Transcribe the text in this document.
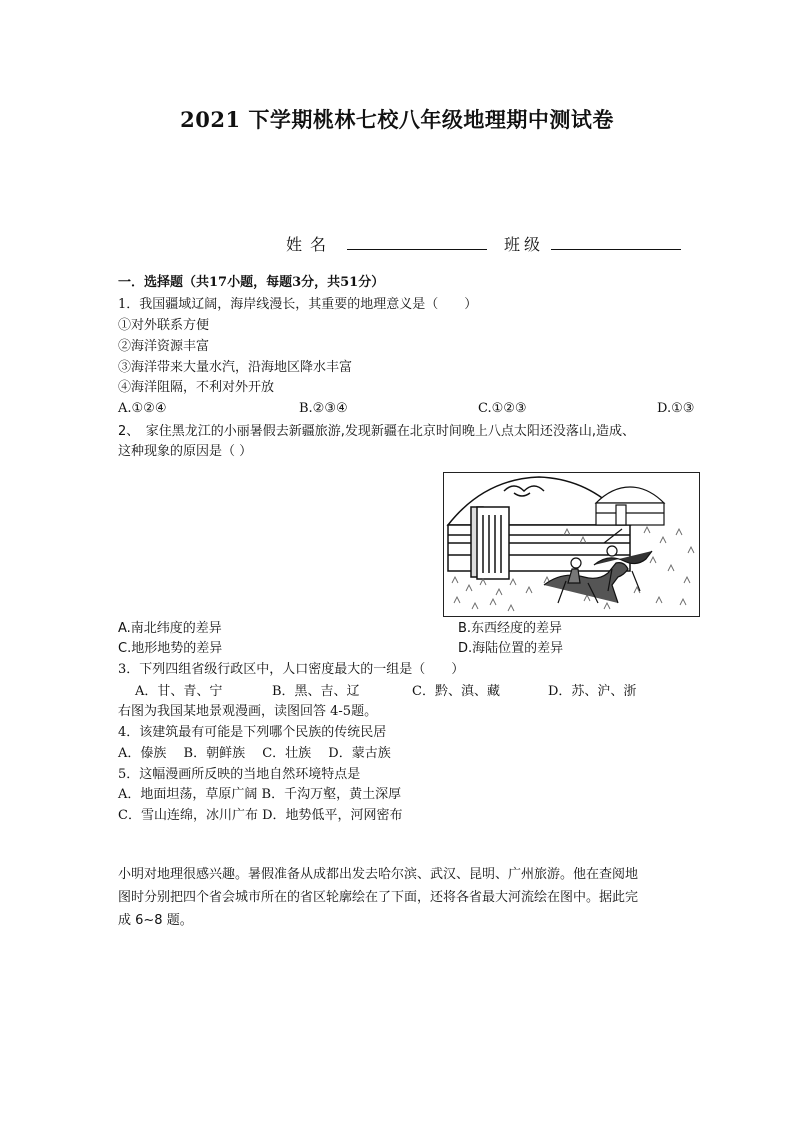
2021 下学期桃林七校八年级地理期中测试卷
姓名	班级
一．选择题（共17小题，每题3分，共51分）
1．我国疆域辽阔，海岸线漫长，其重要的地理意义是（　　）
①对外联系方便
②海洋资源丰富
③海洋带来大量水汽，沿海地区降水丰富
④海洋阻隔，不利对外开放
A.①②④	B.②③④	C.①②③	D.①③
2、　家住黑龙江的小丽暑假去新疆旅游,发现新疆在北京时间晚上八点太阳还没落山,造成、
这种现象的原因是（ ）
A.南北纬度的差异	B.东西经度的差异
C.地形地势的差异	D.海陆位置的差异
3．下列四组省级行政区中，人口密度最大的一组是（　　）
A．甘、青、宁	B．黑、吉、辽	C．黔、滇、藏	D．苏、沪、浙
右图为我国某地景观漫画，读图回答 4-5题。
4．该建筑最有可能是下列哪个民族的传统民居
A．傣族　 B．朝鲜族　 C．壮族　 D．蒙古族
5．这幅漫画所反映的当地自然环境特点是
A．地面坦荡，草原广阔 B．千沟万壑，黄土深厚
C．雪山连绵，冰川广布 D．地势低平，河网密布
小明对地理很感兴趣。暑假准备从成都出发去哈尔滨、武汉、昆明、广州旅游。他在查阅地
图时分别把四个省会城市所在的省区轮廓绘在了下面，还将各省最大河流绘在图中。据此完
成 6~8 题。
